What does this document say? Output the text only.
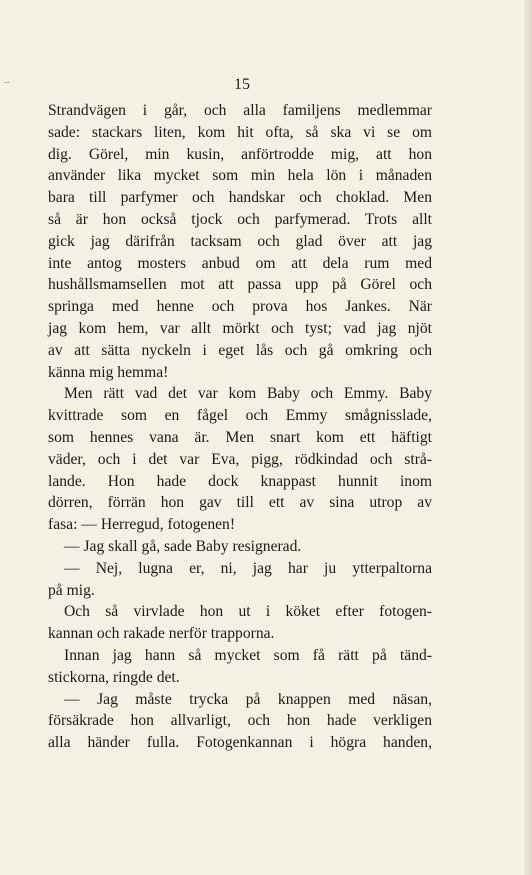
15
Strandvägen i går, och alla familjens medlemmar
sade: stackars liten, kom hit ofta, så ska vi se om
dig. Görel, min kusin, anförtrodde mig, att hon
använder lika mycket som min hela lön i månaden
bara till parfymer och handskar och choklad. Men
så är hon också tjock och parfymerad. Trots allt
gick jag därifrån tacksam och glad över att jag
inte antog mosters anbud om att dela rum med
hushållsmamsellen mot att passa upp på Görel och
springa med henne och prova hos Jankes. När
jag kom hem, var allt mörkt och tyst; vad jag njöt
av att sätta nyckeln i eget lås och gå omkring och
känna mig hemma!
Men rätt vad det var kom Baby och Emmy. Baby
kvittrade som en fågel och Emmy smågnisslade,
som hennes vana är. Men snart kom ett häftigt
väder, och i det var Eva, pigg, rödkindad och strå-
lande. Hon hade dock knappast hunnit inom
dörren, förrän hon gav till ett av sina utrop av
fasa: — Herregud, fotogenen!
— Jag skall gå, sade Baby resignerad.
— Nej, lugna er, ni, jag har ju ytterpaltorna
på mig.
Och så virvlade hon ut i köket efter fotogen-
kannan och rakade nerför trapporna.
Innan jag hann så mycket som få rätt på tänd-
stickorna, ringde det.
— Jag måste trycka på knappen med näsan,
försäkrade hon allvarligt, och hon hade verkligen
alla händer fulla. Fotogenkannan i högra handen,
